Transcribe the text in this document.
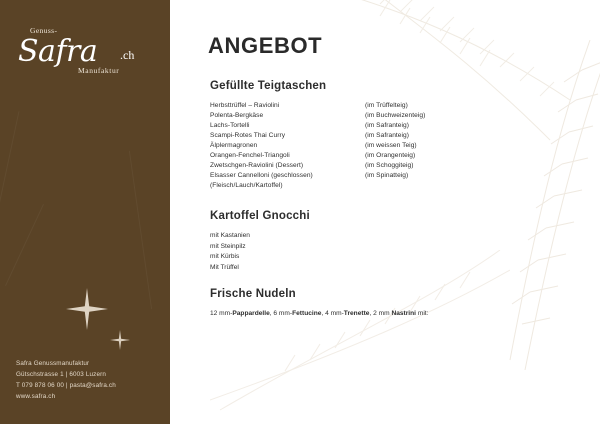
Genuss-
Safra .ch
Manufaktur
Safra Genussmanufaktur
Gütschstrasse 1 | 6003 Luzern
T 079 878 06 00 | pasta@safra.ch
www.safra.ch
ANGEBOT
Gefüllte Teigtaschen
Herbsttrüffel – Raviolini	(im Trüffelteig)
Polenta-Bergkäse	(im Buchweizenteig)
Lachs-Tortelli	(im Safranteig)
Scampi-Rotes Thai Curry	(im Safranteig)
Älplermagronen	(im weissen Teig)
Orangen-Fenchel-Triangoli	(im Orangenteig)
Zwetschgen-Raviolini (Dessert)	(im Schoggiteig)
Elsasser Cannelloni (geschlossen)	(im Spinatteig)
(Fleisch/Lauch/Kartoffel)
Kartoffel Gnocchi
mit Kastanien
mit Steinpilz
mit Kürbis
Mit Trüffel
Frische Nudeln
12 mm-Pappardelle, 6 mm-Fettucine, 4 mm-Trenette, 2 mm Nastrini mit:
